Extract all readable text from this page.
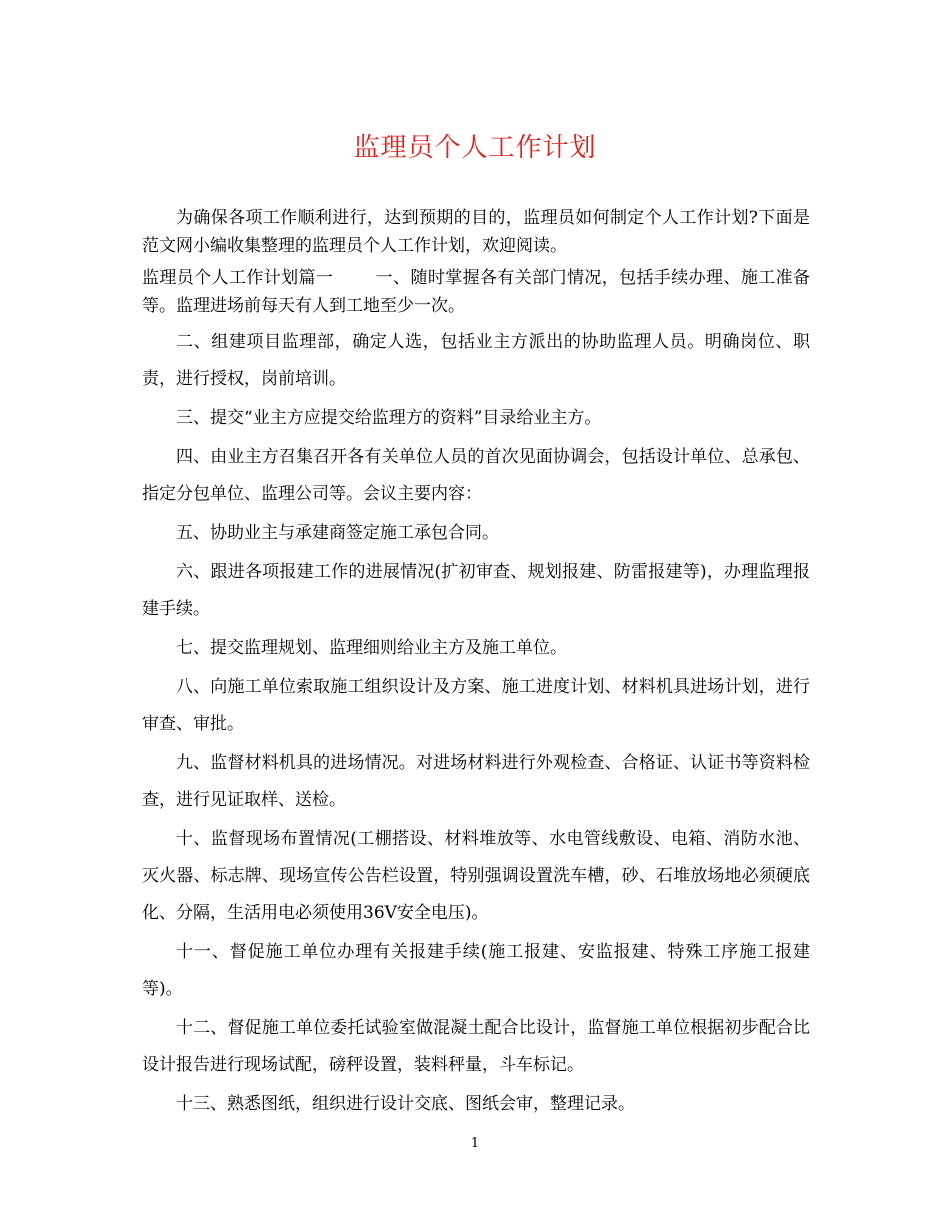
监理员个人工作计划

为确保各项工作顺利进行，达到预期的目的，监理员如何制定个人工作计划?下面是范文网小编收集整理的监理员个人工作计划，欢迎阅读。

监理员个人工作计划篇一 一、随时掌握各有关部门情况，包括手续办理、施工准备等。监理进场前每天有人到工地至少一次。

二、组建项目监理部，确定人选，包括业主方派出的协助监理人员。明确岗位、职责，进行授权，岗前培训。

三、提交“业主方应提交给监理方的资料”目录给业主方。

四、由业主方召集召开各有关单位人员的首次见面协调会，包括设计单位、总承包、指定分包单位、监理公司等。会议主要内容：

五、协助业主与承建商签定施工承包合同。

六、跟进各项报建工作的进展情况(扩初审查、规划报建、防雷报建等)，办理监理报建手续。

七、提交监理规划、监理细则给业主方及施工单位。

八、向施工单位索取施工组织设计及方案、施工进度计划、材料机具进场计划，进行审查、审批。

九、监督材料机具的进场情况。对进场材料进行外观检查、合格证、认证书等资料检查，进行见证取样、送检。

十、监督现场布置情况(工棚搭设、材料堆放等、水电管线敷设、电箱、消防水池、灭火器、标志牌、现场宣传公告栏设置，特别强调设置洗车槽，砂、石堆放场地必须硬底化、分隔，生活用电必须使用36V安全电压)。

十一、督促施工单位办理有关报建手续(施工报建、安监报建、特殊工序施工报建等)。

十二、督促施工单位委托试验室做混凝土配合比设计，监督施工单位根据初步配合比设计报告进行现场试配，磅秤设置，装料秤量，斗车标记。

十三、熟悉图纸，组织进行设计交底、图纸会审，整理记录。

1
